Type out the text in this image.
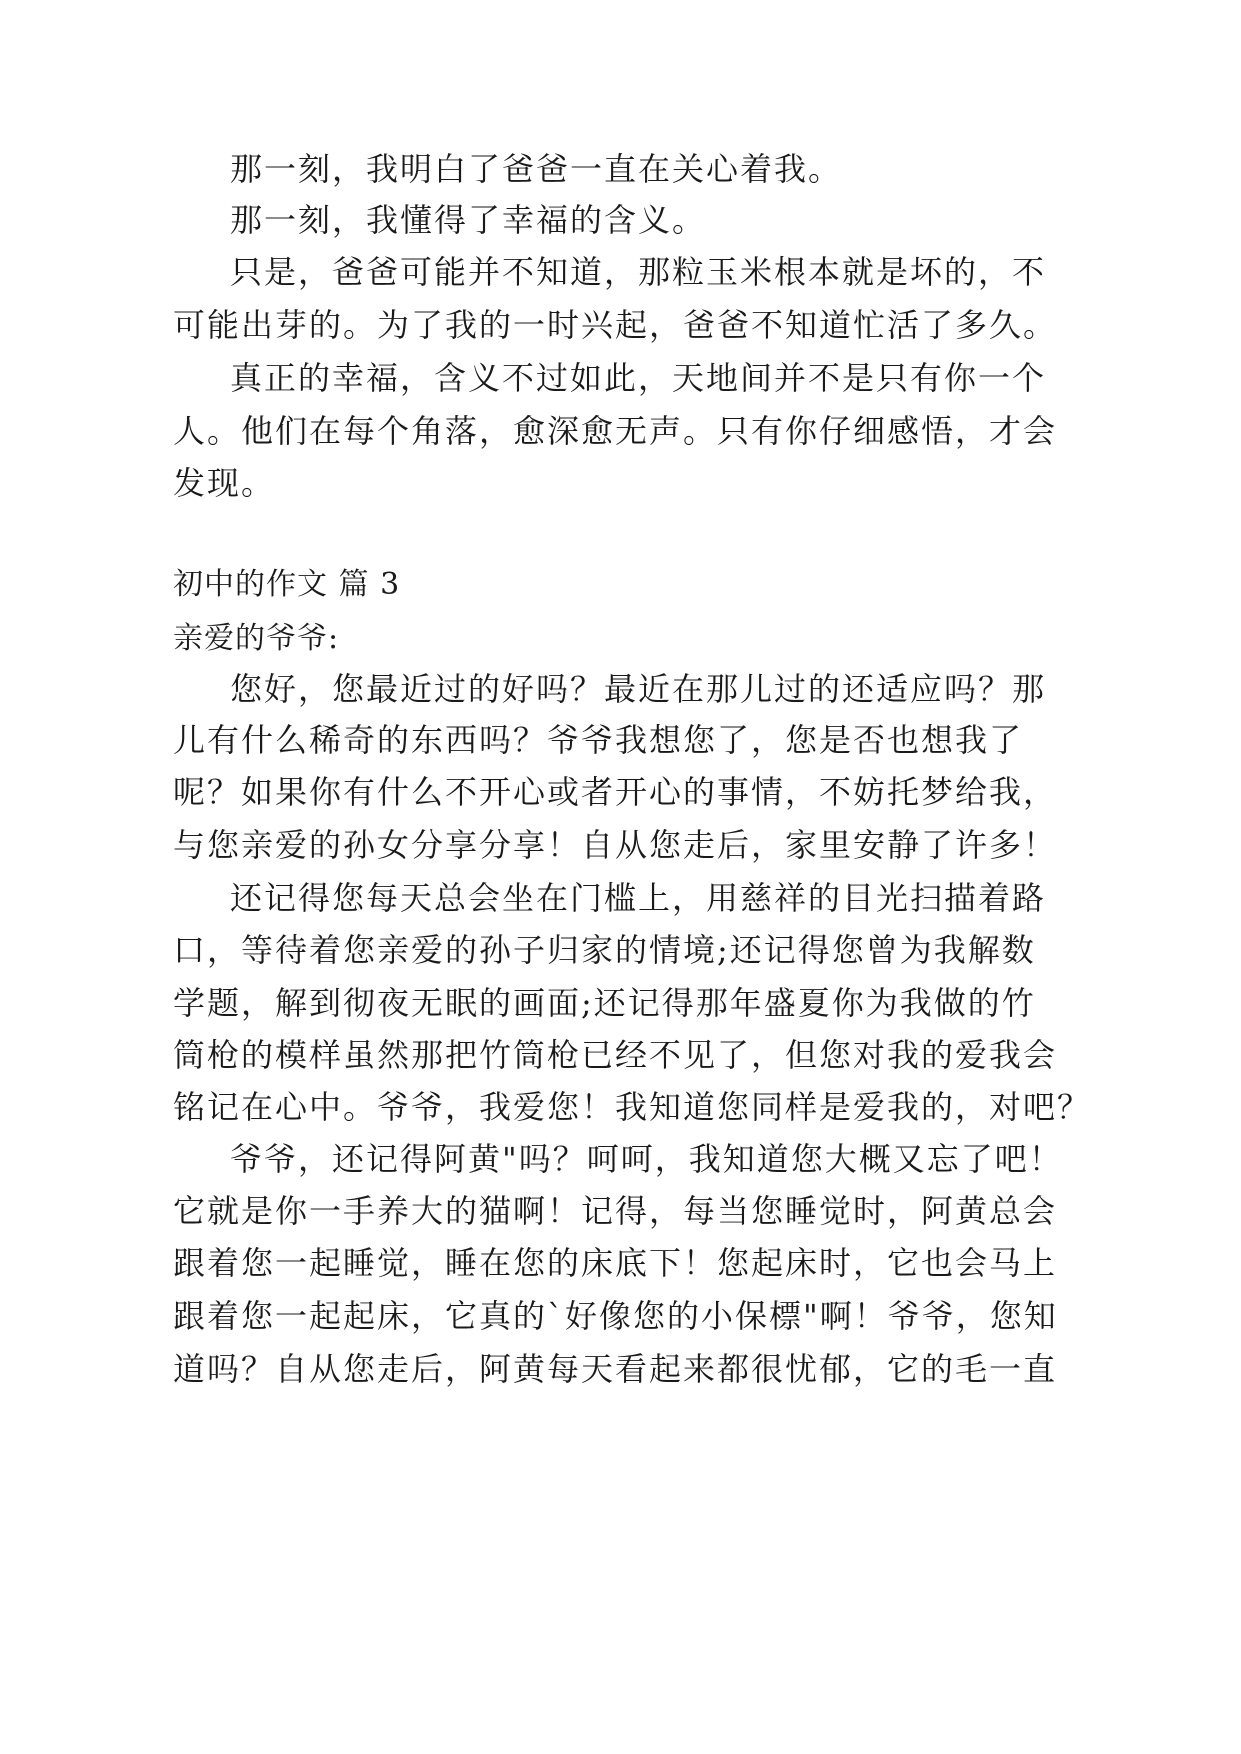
那一刻，我明白了爸爸一直在关心着我。
那一刻，我懂得了幸福的含义。
只是，爸爸可能并不知道，那粒玉米根本就是坏的，不
可能出芽的。为了我的一时兴起，爸爸不知道忙活了多久。
真正的幸福，含义不过如此，天地间并不是只有你一个
人。他们在每个角落，愈深愈无声。只有你仔细感悟，才会
发现。
初中的作文 篇 3
亲爱的爷爷:
您好，您最近过的好吗？最近在那儿过的还适应吗？那
儿有什么稀奇的东西吗？爷爷我想您了，您是否也想我了
呢？如果你有什么不开心或者开心的事情，不妨托梦给我，
与您亲爱的孙女分享分享！自从您走后，家里安静了许多！
还记得您每天总会坐在门槛上，用慈祥的目光扫描着路
口，等待着您亲爱的孙子归家的情境;还记得您曾为我解数
学题，解到彻夜无眠的画面;还记得那年盛夏你为我做的竹
筒枪的模样虽然那把竹筒枪已经不见了，但您对我的爱我会
铭记在心中。爷爷，我爱您！我知道您同样是爱我的，对吧？
爷爷，还记得阿黄"吗？呵呵，我知道您大概又忘了吧！
它就是你一手养大的猫啊！记得，每当您睡觉时，阿黄总会
跟着您一起睡觉，睡在您的床底下！您起床时，它也会马上
跟着您一起起床，它真的`好像您的小保標"啊！爷爷，您知
道吗？自从您走后，阿黄每天看起来都很忧郁，它的毛一直
